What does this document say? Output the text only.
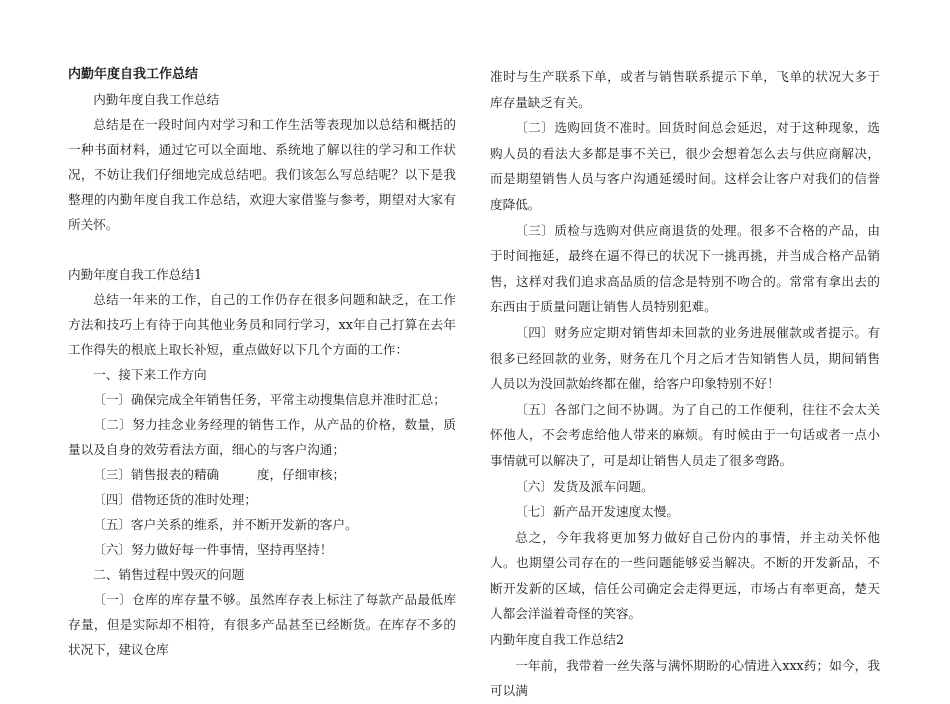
内勤年度自我工作总结

内勤年度自我工作总结

总结是在一段时间内对学习和工作生活等表现加以总结和概括的一种书面材料，通过它可以全面地、系统地了解以往的学习和工作状况，不妨让我们仔细地完成总结吧。我们该怎么写总结呢？以下是我整理的内勤年度自我工作总结，欢迎大家借鉴与参考，期望对大家有所关怀。

内勤年度自我工作总结1

总结一年来的工作，自己的工作仍存在很多问题和缺乏，在工作方法和技巧上有待于向其他业务员和同行学习，xx年自己打算在去年工作得失的根底上取长补短，重点做好以下几个方面的工作：

一、接下来工作方向

〔一〕确保完成全年销售任务，平常主动搜集信息并准时汇总；

〔二〕努力挂念业务经理的销售工作，从产品的价格，数量，质量以及自身的效劳看法方面，细心的与客户沟通；

〔三〕销售报表的精确　　　度，仔细审核；

〔四〕借物还货的准时处理；

〔五〕客户关系的维系，并不断开发新的客户。

〔六〕努力做好每一件事情，坚持再坚持！

二、销售过程中毁灭的问题

〔一〕仓库的库存量不够。虽然库存表上标注了每款产品最低库存量，但是实际却不相符，有很多产品甚至已经断货。在库存不多的状况下，建议仓库

准时与生产联系下单，或者与销售联系提示下单，飞单的状况大多于库存量缺乏有关。

〔二〕选购回货不准时。回货时间总会延迟，对于这种现象，选购人员的看法大多都是事不关已，很少会想着怎么去与供应商解决，而是期望销售人员与客户沟通延缓时间。这样会让客户对我们的信誉度降低。

〔三〕质检与选购对供应商退货的处理。很多不合格的产品，由于时间拖延，最终在逼不得已的状况下一挑再挑，并当成合格产品销售，这样对我们追求高品质的信念是特别不吻合的。常常有拿出去的东西由于质量问题让销售人员特别犯难。

〔四〕财务应定期对销售却未回款的业务进展催款或者提示。有很多已经回款的业务，财务在几个月之后才告知销售人员，期间销售人员以为没回款始终都在催，给客户印象特别不好！

〔五〕各部门之间不协调。为了自己的工作便利，往往不会太关怀他人，不会考虑给他人带来的麻烦。有时候由于一句话或者一点小事情就可以解决了，可是却让销售人员走了很多弯路。

〔六〕发货及派车问题。

〔七〕新产品开发速度太慢。

总之，今年我将更加努力做好自己份内的事情，并主动关怀他人。也期望公司存在的一些问题能够妥当解决。不断的开发新品，不断开发新的区域，信任公司确定会走得更远，市场占有率更高，楚天人都会洋溢着奇怪的笑容。

内勤年度自我工作总结2

一年前，我带着一丝失落与满怀期盼的心情进入xxx药；如今，我可以满
